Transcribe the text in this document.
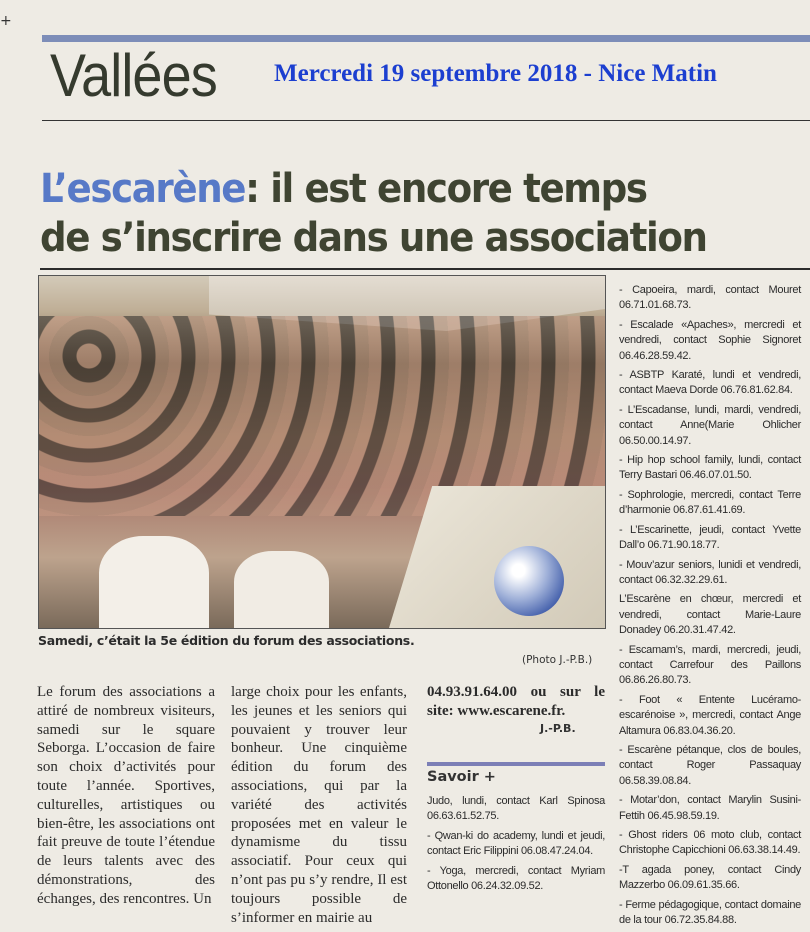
+
Vallées Mercredi 19 septembre 2018 - Nice Matin
L’escarène: il est encore temps
de s’inscrire dans une association
Samedi, c’était la 5e édition du forum des associations.
(Photo J.-P.B.)

Le forum des associations a attiré de nombreux visiteurs, samedi sur le square Seborga. L’occasion de faire son choix d’activités pour toute l’année. Sportives, culturelles, artistiques ou bien-être, les associations ont fait preuve de toute l’étendue de leurs talents avec des démonstrations, des échanges, des rencontres. Un

large choix pour les enfants, les jeunes et les seniors qui pouvaient y trouver leur bonheur. Une cinquième édition du forum des associations, qui par la variété des activités proposées met en valeur le dynamisme du tissu associatif. Pour ceux qui n’ont pas pu s’y rendre, Il est toujours possible de s’informer en mairie au

04.93.91.64.00 ou sur le site: www.escarene.fr.

J.-P.B.
Savoir +

Judo, lundi, contact Karl Spinosa 06.63.61.52.75.

- Qwan-ki do academy, lundi et jeudi, contact Eric Filippini 06.08.47.24.04.

- Yoga, mercredi, contact Myriam Ottonello 06.24.32.09.52.

- Capoeira, mardi, contact Mouret 06.71.01.68.73.

- Escalade «Apaches», mercredi et vendredi, contact Sophie Signoret 06.46.28.59.42.

- ASBTP Karaté, lundi et vendredi, contact Maeva Dorde 06.76.81.62.84.

- L’Escadanse, lundi, mardi, vendredi, contact Anne(Marie Ohlicher 06.50.00.14.97.

- Hip hop school family, lundi, contact Terry Bastari 06.46.07.01.50.

- Sophrologie, mercredi, contact Terre d’harmonie 06.87.61.41.69.

- L’Escarinette, jeudi, contact Yvette Dall’o 06.71.90.18.77.

- Mouv’azur seniors, lunidi et vendredi, contact 06.32.32.29.61.

L’Escarène en chœur, mercredi et vendredi, contact Marie-Laure Donadey 06.20.31.47.42.

- Escamam’s, mardi, mercredi, jeudi, contact Carrefour des Paillons 06.86.26.80.73.

- Foot « Entente Lucéramo-escarénoise », mercredi, contact Ange Altamura 06.83.04.36.20.

- Escarène pétanque, clos de boules, contact Roger Passaquay 06.58.39.08.84.

- Motar’don, contact Marylin Susini-Fettih 06.45.98.59.19.

- Ghost riders 06 moto club, contact Christophe Capicchioni 06.63.38.14.49.

-T agada poney, contact Cindy Mazzerbo 06.09.61.35.66.

- Ferme pédagogique, contact domaine de la tour 06.72.35.84.88.
